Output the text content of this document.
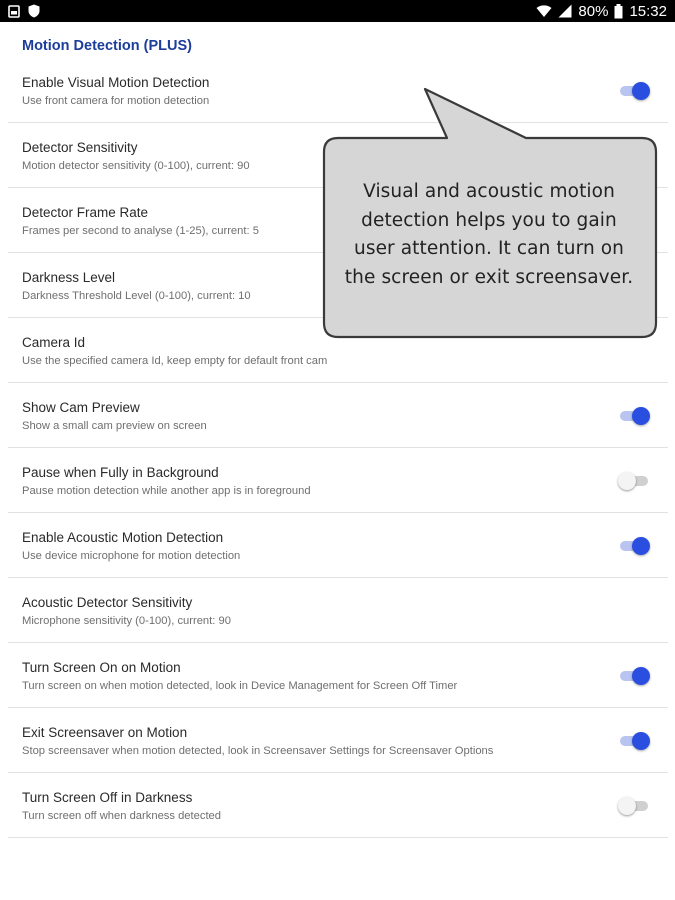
80% 15:32
Motion Detection (PLUS)
Enable Visual Motion Detection
Use front camera for motion detection
Detector Sensitivity
Motion detector sensitivity (0-100), current: 90
Detector Frame Rate
Frames per second to analyse (1-25), current: 5
Darkness Level
Darkness Threshold Level (0-100), current: 10
Camera Id
Use the specified camera Id, keep empty for default front cam
Show Cam Preview
Show a small cam preview on screen
Pause when Fully in Background
Pause motion detection while another app is in foreground
Enable Acoustic Motion Detection
Use device microphone for motion detection
Acoustic Detector Sensitivity
Microphone sensitivity (0-100), current: 90
Turn Screen On on Motion
Turn screen on when motion detected, look in Device Management for Screen Off Timer
Exit Screensaver on Motion
Stop screensaver when motion detected, look in Screensaver Settings for Screensaver Options
Turn Screen Off in Darkness
Turn screen off when darkness detected
Visual and acoustic motion
detection helps you to gain
user attention. It can turn on
the screen or exit screensaver.
